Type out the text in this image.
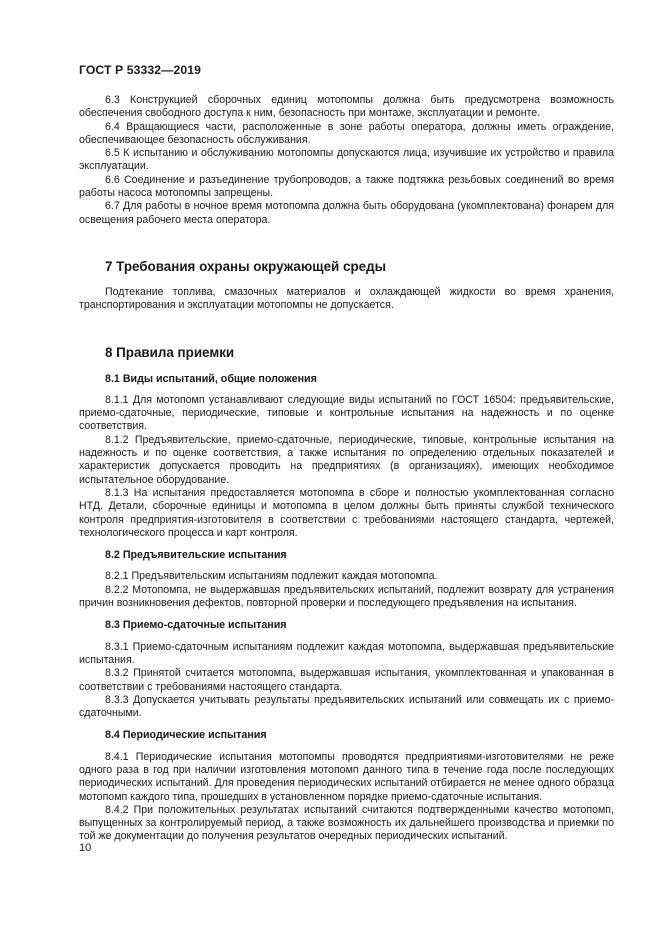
ГОСТ Р 53332—2019

6.3 Конструкцией сборочных единиц мотопомпы должна быть предусмотрена возможность обеспечения свободного доступа к ним, безопасность при монтаже, эксплуатации и ремонте.

6.4 Вращающиеся части, расположенные в зоне работы оператора, должны иметь ограждение, обеспечивающее безопасность обслуживания.

6.5 К испытанию и обслуживанию мотопомпы допускаются лица, изучившие их устройство и правила эксплуатации.

6.6 Соединение и разъединение трубопроводов, а также подтяжка резьбовых соединений во время работы насоса мотопомпы запрещены.

6.7 Для работы в ночное время мотопомпа должна быть оборудована (укомплектована) фонарем для освещения рабочего места оператора.

7 Требования охраны окружающей среды

Подтекание топлива, смазочных материалов и охлаждающей жидкости во время хранения, транспортирования и эксплуатации мотопомпы не допускается.

8 Правила приемки
8.1 Виды испытаний, общие положения

8.1.1 Для мотопомп устанавливают следующие виды испытаний по ГОСТ 16504: предъявительские, приемо-сдаточные, периодические, типовые и контрольные испытания на надежность и по оценке соответствия.

8.1.2 Предъявительские, приемо-сдаточные, периодические, типовые, контрольные испытания на надежность и по оценке соответствия, а также испытания по определению отдельных показателей и характеристик допускается проводить на предприятиях (в организациях), имеющих необходимое испытательное оборудование.

8.1.3 На испытания предоставляется мотопомпа в сборе и полностью укомплектованная согласно НТД. Детали, сборочные единицы и мотопомпа в целом должны быть приняты службой технического контроля предприятия-изготовителя в соответствии с требованиями настоящего стандарта, чертежей, технологического процесса и карт контроля.

8.2 Предъявительские испытания

8.2.1 Предъявительским испытаниям подлежит каждая мотопомпа.

8.2.2 Мотопомпа, не выдержавшая предъявительских испытаний, подлежит возврату для устранения причин возникновения дефектов, повторной проверки и последующего предъявления на испытания.

8.3 Приемо-сдаточные испытания

8.3.1 Приемо-сдаточным испытаниям подлежит каждая мотопомпа, выдержавшая предъявительские испытания.

8.3.2 Принятой считается мотопомпа, выдержавшая испытания, укомплектованная и упакованная в соответствии с требованиями настоящего стандарта.

8.3.3 Допускается учитывать результаты предъявительских испытаний или совмещать их с приемо-сдаточными.

8.4 Периодические испытания

8.4.1 Периодические испытания мотопомпы проводятся предприятиями-изготовителями не реже одного раза в год при наличии изготовления мотопомп данного типа в течение года после последующих периодических испытаний. Для проведения периодических испытаний отбирается не менее одного образца мотопомп каждого типа, прошедших в установленном порядке приемо-сдаточные испытания.

8.4.2 При положительных результатах испытаний считаются подтвержденными качество мотопомп, выпущенных за контролируемый период, а также возможность их дальнейшего производства и приемки по той же документации до получения результатов очередных периодических испытаний.

10
